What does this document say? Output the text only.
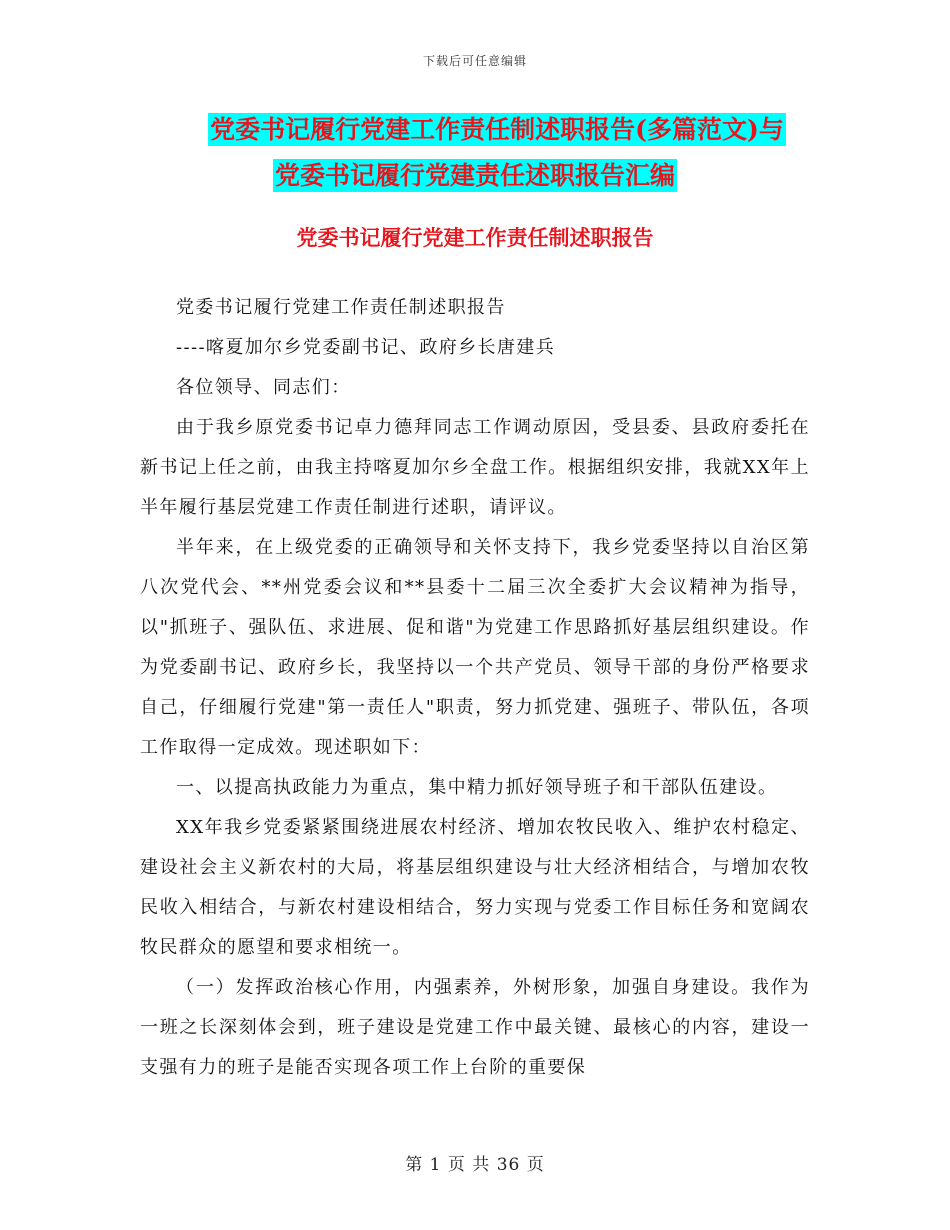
下载后可任意编辑
党委书记履行党建工作责任制述职报告(多篇范文)与
党委书记履行党建责任述职报告汇编
党委书记履行党建工作责任制述职报告

党委书记履行党建工作责任制述职报告

----喀夏加尔乡党委副书记、政府乡长唐建兵

各位领导、同志们：

由于我乡原党委书记卓力德拜同志工作调动原因，受县委、县政府委托在新书记上任之前，由我主持喀夏加尔乡全盘工作。根据组织安排，我就XX年上半年履行基层党建工作责任制进行述职，请评议。

半年来，在上级党委的正确领导和关怀支持下，我乡党委坚持以自治区第八次党代会、**州党委会议和**县委十二届三次全委扩大会议精神为指导，以"抓班子、强队伍、求进展、促和谐"为党建工作思路抓好基层组织建设。作为党委副书记、政府乡长，我坚持以一个共产党员、领导干部的身份严格要求自己，仔细履行党建"第一责任人"职责，努力抓党建、强班子、带队伍，各项工作取得一定成效。现述职如下：

一、以提高执政能力为重点，集中精力抓好领导班子和干部队伍建设。

XX年我乡党委紧紧围绕进展农村经济、增加农牧民收入、维护农村稳定、建设社会主义新农村的大局，将基层组织建设与壮大经济相结合，与增加农牧民收入相结合，与新农村建设相结合，努力实现与党委工作目标任务和宽阔农牧民群众的愿望和要求相统一。

（一）发挥政治核心作用，内强素养，外树形象，加强自身建设。我作为一班之长深刻体会到，班子建设是党建工作中最关键、最核心的内容，建设一支强有力的班子是能否实现各项工作上台阶的重要保

第 1 页 共 36 页
